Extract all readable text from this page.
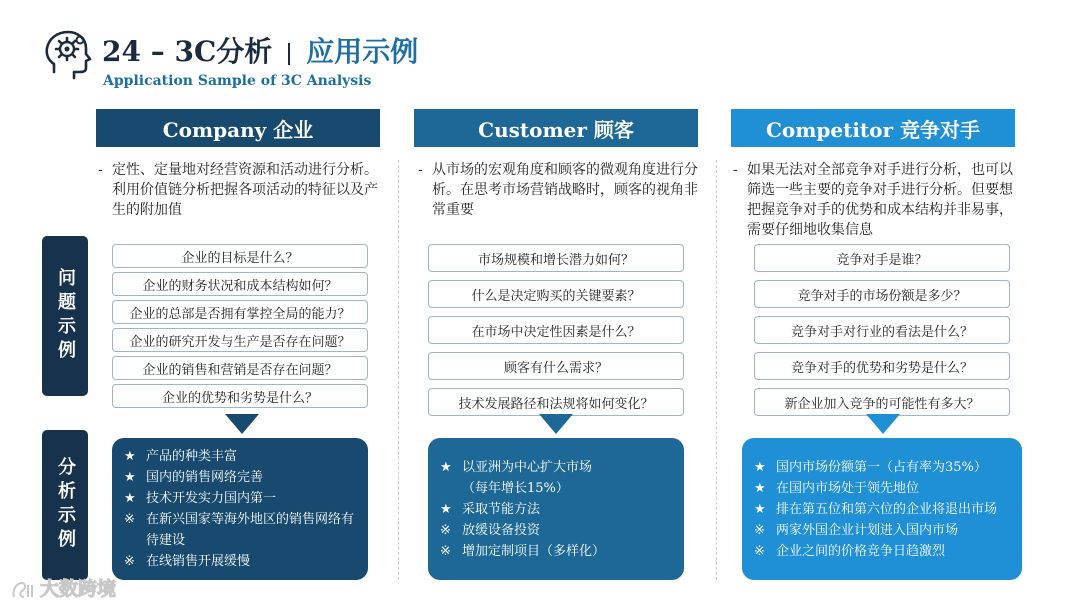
24 – 3C分析 应用示例
Application Sample of 3C Analysis
Company 企业	Customer 顾客	Competitor 竞争对手
- 定性、定量地对经营资源和活动进行分析。利用价值链分析把握各项活动的特征以及产生的附加值
- 从市场的宏观角度和顾客的微观角度进行分析。在思考市场营销战略时，顾客的视角非常重要
- 如果无法对全部竞争对手进行分析，也可以筛选一些主要的竞争对手进行分析。但要想把握竞争对手的优势和成本结构并非易事，需要仔细地收集信息
问题示例
分析示例
企业的目标是什么？
企业的财务状况和成本结构如何？
企业的总部是否拥有掌控全局的能力？
企业的研究开发与生产是否存在问题？
企业的销售和营销是否存在问题？
企业的优势和劣势是什么？
市场规模和增长潜力如何？
什么是决定购买的关键要素？
在市场中决定性因素是什么？
顾客有什么需求？
技术发展路径和法规将如何变化？
竞争对手是谁？
竞争对手的市场份额是多少？
竞争对手对行业的看法是什么？
竞争对手的优势和劣势是什么？
新企业加入竞争的可能性有多大？
★ 产品的种类丰富
★ 国内的销售网络完善
★ 技术开发实力国内第一
※ 在新兴国家等海外地区的销售网络有待建设
※ 在线销售开展缓慢
★ 以亚洲为中心扩大市场
（每年增长15%）
★ 采取节能方法
※ 放缓设备投资
※ 增加定制项目（多样化）
★ 国内市场份额第一（占有率为35%）
★ 在国内市场处于领先地位
★ 排在第五位和第六位的企业将退出市场
※ 两家外国企业计划进入国内市场
※ 企业之间的价格竞争日趋激烈
大数跨境
